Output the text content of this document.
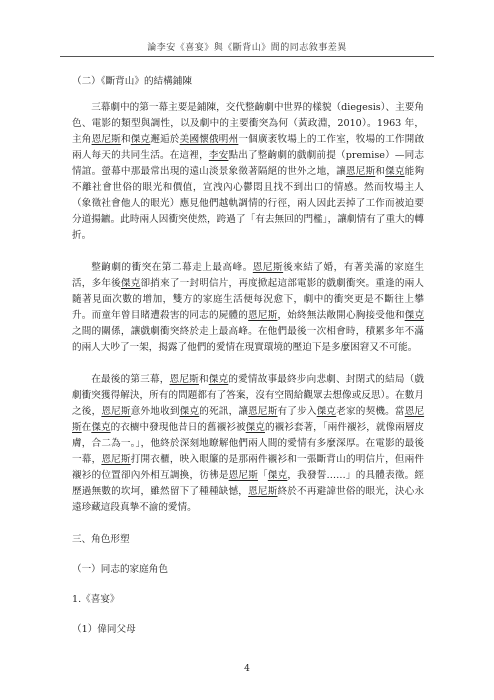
論李安《喜宴》與《斷背山》間的同志敘事差異
（二）《斷背山》的結構鋪陳

三幕劇中的第一幕主要是鋪陳，交代整齣劇中世界的樣貌（diegesis）、主要角色、電影的類型與調性，以及劇中的主要衝突為何（黃政淵，2010）。1963 年，主角恩尼斯和傑克邂逅於美國懷俄明州一個廣袤牧場上的工作室，牧場的工作開啟兩人每天的共同生活。在這裡，李安點出了整齣劇的戲劇前提（premise）—同志情誼。螢幕中那最常出現的遠山淡景象徵著隔絕的世外之地，讓恩尼斯和傑克能夠不離社會世俗的眼光和價值，宣洩內心鬱悶且找不到出口的情感。然而牧場主人（象徵社會他人的眼光）應見他們越軌調情的行徑，兩人因此丟掉了工作而被迫要分道揚鑣。此時兩人因衝突使然，跨過了「有去無回的門檻」，讓劇情有了重大的轉折。

整齣劇的衝突在第二幕走上最高峰。恩尼斯後來結了婚，有著美滿的家庭生活，多年後傑克卻捎來了一封明信片，再度掀起這部電影的戲劇衝突。重逢的兩人隨著見面次數的增加，雙方的家庭生活便每況愈下，劇中的衝突更是不斷往上攀升。而童年曾目睹遭殺害的同志的屍體的恩尼斯，始終無法敞開心胸接受他和傑克之間的關係，讓戲劇衝突終於走上最高峰。在他們最後一次相會時，積累多年不滿的兩人大吵了一架，揭露了他們的愛情在現實環境的壓迫下是多麼困窘又不可能。

在最後的第三幕，恩尼斯和傑克的愛情故事最終步向悲劇、封閉式的結局（戲劇衝突獲得解決，所有的問題都有了答案，沒有空間給觀眾去想像或反思）。在數月之後，恩尼斯意外地收到傑克的死訊，讓恩尼斯有了步入傑克老家的契機。當恩尼斯在傑克的衣櫥中發現他昔日的舊襯衫被傑克的襯衫套著，「兩件襯衫，就像兩層皮膚，合二為一。」，他終於深刻地瞭解他們兩人間的愛情有多麼深厚。在電影的最後一幕，恩尼斯打開衣櫃，映入眼簾的是那兩件襯衫和一張斷背山的明信片，但兩件襯衫的位置卻內外相互調換，彷彿是恩尼斯「傑克，我發誓……」的具體表徵。經歷過無數的坎坷，雖然留下了種種缺憾，恩尼斯終於不再避諱世俗的眼光，決心永遠珍藏這段真摯不渝的愛情。

三、角色形塑
（一）同志的家庭角色
1.《喜宴》
（1）偉同父母
4
